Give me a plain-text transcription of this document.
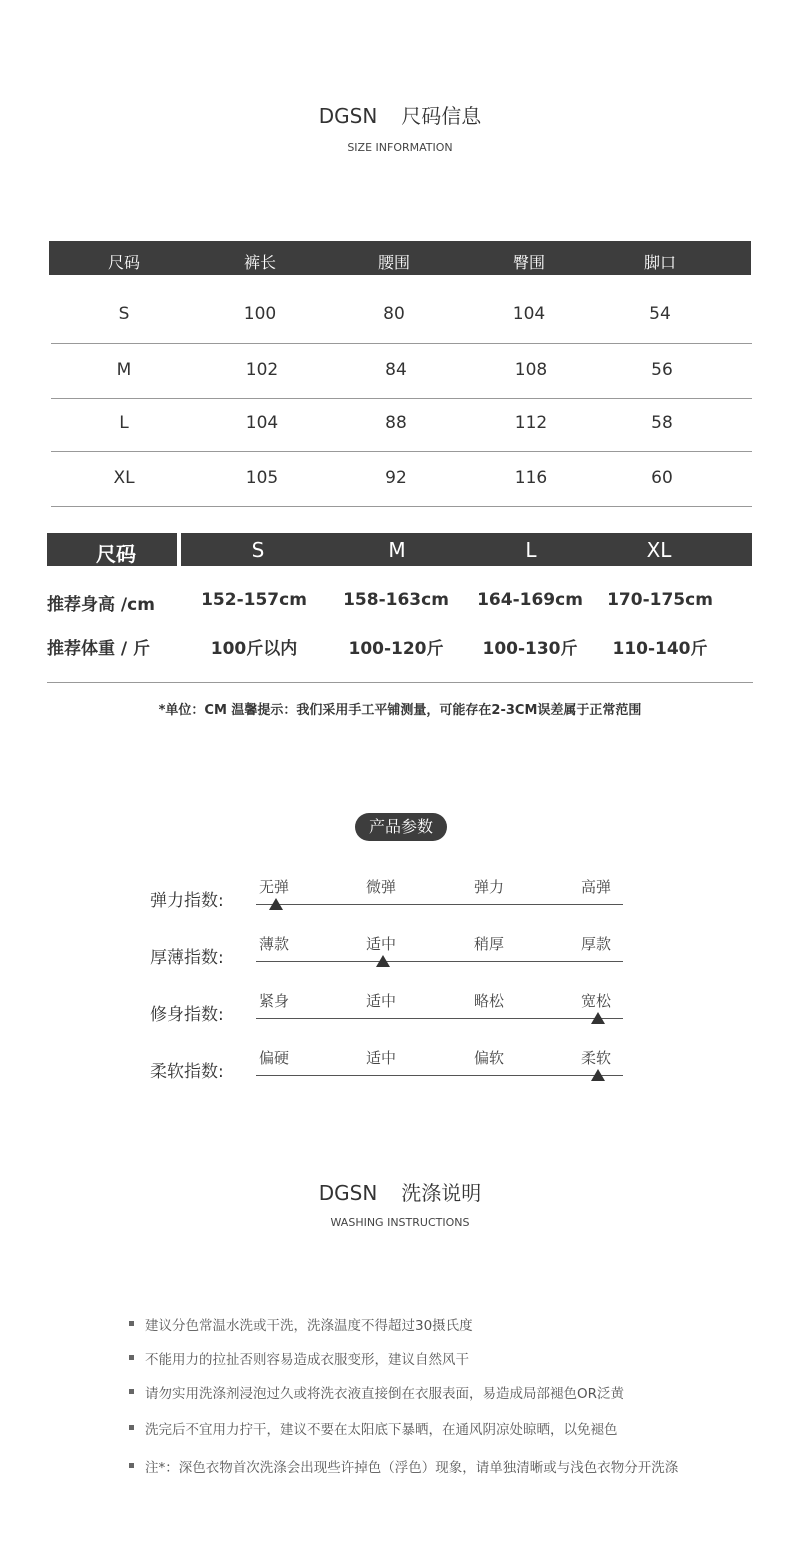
DGSN 尺码信息
SIZE INFORMATION
尺码	裤长	腰围	臀围	脚口
S	100	80	104	54
M	102	84	108	56
L	104	88	112	58
XL	105	92	116	60
尺码	S	M	L	XL
推荐身高 /cm	152-157cm 158-163cm 164-169cm 170-175cm
推荐体重 / 斤	100斤以内	100-120斤 100-130斤 110-140斤
*单位：CM 温馨提示：我们采用手工平铺测量，可能存在2-3CM误差属于正常范围
产品参数
弹力指数:
无弹	微弹	弹力	高弹
厚薄指数:
薄款	适中	稍厚	厚款
修身指数:
紧身	适中	略松	宽松
柔软指数:
偏硬	适中	偏软	柔软
DGSN 洗涤说明
WASHING INSTRUCTIONS
建议分色常温水洗或干洗，洗涤温度不得超过30摄氏度
不能用力的拉扯否则容易造成衣服变形，建议自然风干
请勿实用洗涤剂浸泡过久或将洗衣液直接倒在衣服表面，易造成局部褪色OR泛黄
洗完后不宜用力拧干，建议不要在太阳底下暴晒，在通风阴凉处晾晒，以免褪色
注*：深色衣物首次洗涤会出现些许掉色（浮色）现象，请单独清晰或与浅色衣物分开洗涤
